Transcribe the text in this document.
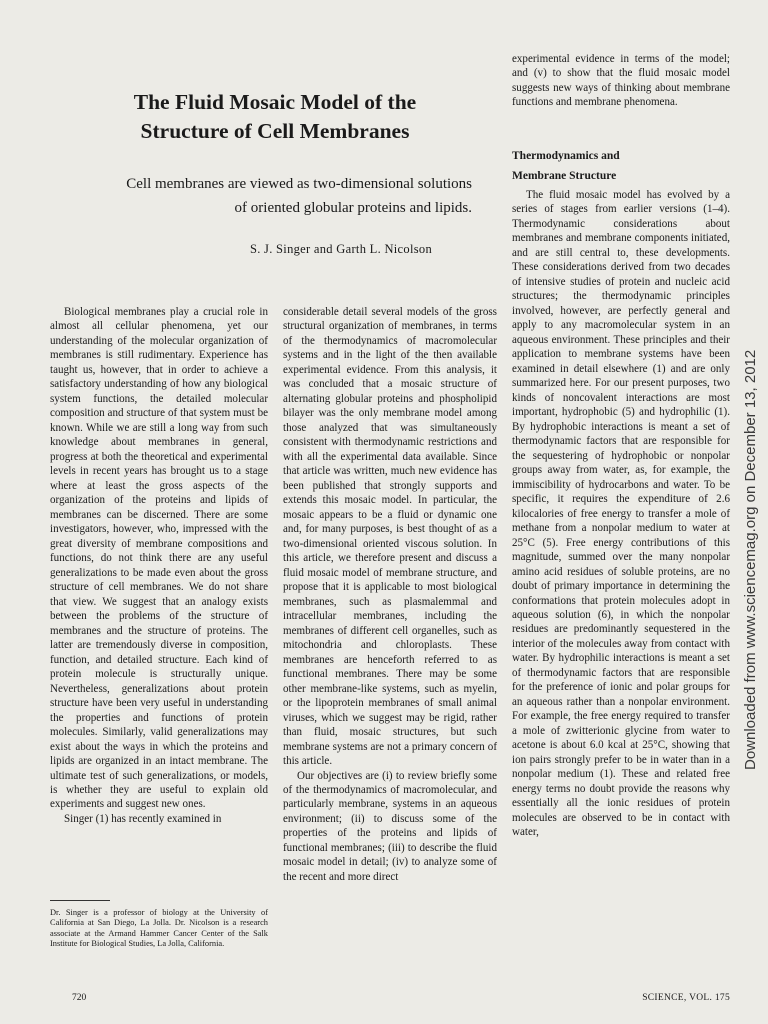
The Fluid Mosaic Model of the
Structure of Cell Membranes
Cell membranes are viewed as two-dimensional solutions
of oriented globular proteins and lipids.
S. J. Singer and Garth L. Nicolson

Biological membranes play a crucial role in almost all cellular phenomena, yet our understanding of the molecular organization of membranes is still rudimentary. Experience has taught us, however, that in order to achieve a satisfactory understanding of how any biological system functions, the detailed molecular composition and structure of that system must be known. While we are still a long way from such knowledge about membranes in general, progress at both the theoretical and experimental levels in recent years has brought us to a stage where at least the gross aspects of the organization of the proteins and lipids of membranes can be discerned. There are some investigators, however, who, impressed with the great diversity of membrane compositions and functions, do not think there are any useful generalizations to be made even about the gross structure of cell membranes. We do not share that view. We suggest that an analogy exists between the problems of the structure of membranes and the structure of proteins. The latter are tremendously diverse in composition, function, and detailed structure. Each kind of protein molecule is structurally unique. Nevertheless, generalizations about protein structure have been very useful in understanding the properties and functions of protein molecules. Similarly, valid generalizations may exist about the ways in which the proteins and lipids are organized in an intact membrane. The ultimate test of such generalizations, or models, is whether they are useful to explain old experiments and suggest new ones.

Singer (1) has recently examined in

considerable detail several models of the gross structural organization of membranes, in terms of the thermodynamics of macromolecular systems and in the light of the then available experimental evidence. From this analysis, it was concluded that a mosaic structure of alternating globular proteins and phospholipid bilayer was the only membrane model among those analyzed that was simultaneously consistent with thermodynamic restrictions and with all the experimental data available. Since that article was written, much new evidence has been published that strongly supports and extends this mosaic model. In particular, the mosaic appears to be a fluid or dynamic one and, for many purposes, is best thought of as a two-dimensional oriented viscous solution. In this article, we therefore present and discuss a fluid mosaic model of membrane structure, and propose that it is applicable to most biological membranes, such as plasmalemmal and intracellular membranes, including the membranes of different cell organelles, such as mitochondria and chloroplasts. These membranes are henceforth referred to as functional membranes. There may be some other membrane-like systems, such as myelin, or the lipoprotein membranes of small animal viruses, which we suggest may be rigid, rather than fluid, mosaic structures, but such membrane systems are not a primary concern of this article.

Our objectives are (i) to review briefly some of the thermodynamics of macromolecular, and particularly membrane, systems in an aqueous environment; (ii) to discuss some of the properties of the proteins and lipids of functional membranes; (iii) to describe the fluid mosaic model in detail; (iv) to analyze some of the recent and more direct

experimental evidence in terms of the model; and (v) to show that the fluid mosaic model suggests new ways of thinking about membrane functions and membrane phenomena.

Thermodynamics and
Membrane Structure

The fluid mosaic model has evolved by a series of stages from earlier versions (1–4). Thermodynamic considerations about membranes and membrane components initiated, and are still central to, these developments. These considerations derived from two decades of intensive studies of protein and nucleic acid structures; the thermodynamic principles involved, however, are perfectly general and apply to any macromolecular system in an aqueous environment. These principles and their application to membrane systems have been examined in detail elsewhere (1) and are only summarized here. For our present purposes, two kinds of noncovalent interactions are most important, hydrophobic (5) and hydrophilic (1). By hydrophobic interactions is meant a set of thermodynamic factors that are responsible for the sequestering of hydrophobic or nonpolar groups away from water, as, for example, the immiscibility of hydrocarbons and water. To be specific, it requires the expenditure of 2.6 kilocalories of free energy to transfer a mole of methane from a nonpolar medium to water at 25°C (5). Free energy contributions of this magnitude, summed over the many nonpolar amino acid residues of soluble proteins, are no doubt of primary importance in determining the conformations that protein molecules adopt in aqueous solution (6), in which the nonpolar residues are predominantly sequestered in the interior of the molecules away from contact with water. By hydrophilic interactions is meant a set of thermodynamic factors that are responsible for the preference of ionic and polar groups for an aqueous rather than a nonpolar environment. For example, the free energy required to transfer a mole of zwitterionic glycine from water to acetone is about 6.0 kcal at 25°C, showing that ion pairs strongly prefer to be in water than in a nonpolar medium (1). These and related free energy terms no doubt provide the reasons why essentially all the ionic residues of protein molecules are observed to be in contact with water,

Dr. Singer is a professor of biology at the University of California at San Diego, La Jolla. Dr. Nicolson is a research associate at the Armand Hammer Cancer Center of the Salk Institute for Biological Studies, La Jolla, California.
720	SCIENCE, VOL. 175
Downloaded from www.sciencemag.org on December 13, 2012
